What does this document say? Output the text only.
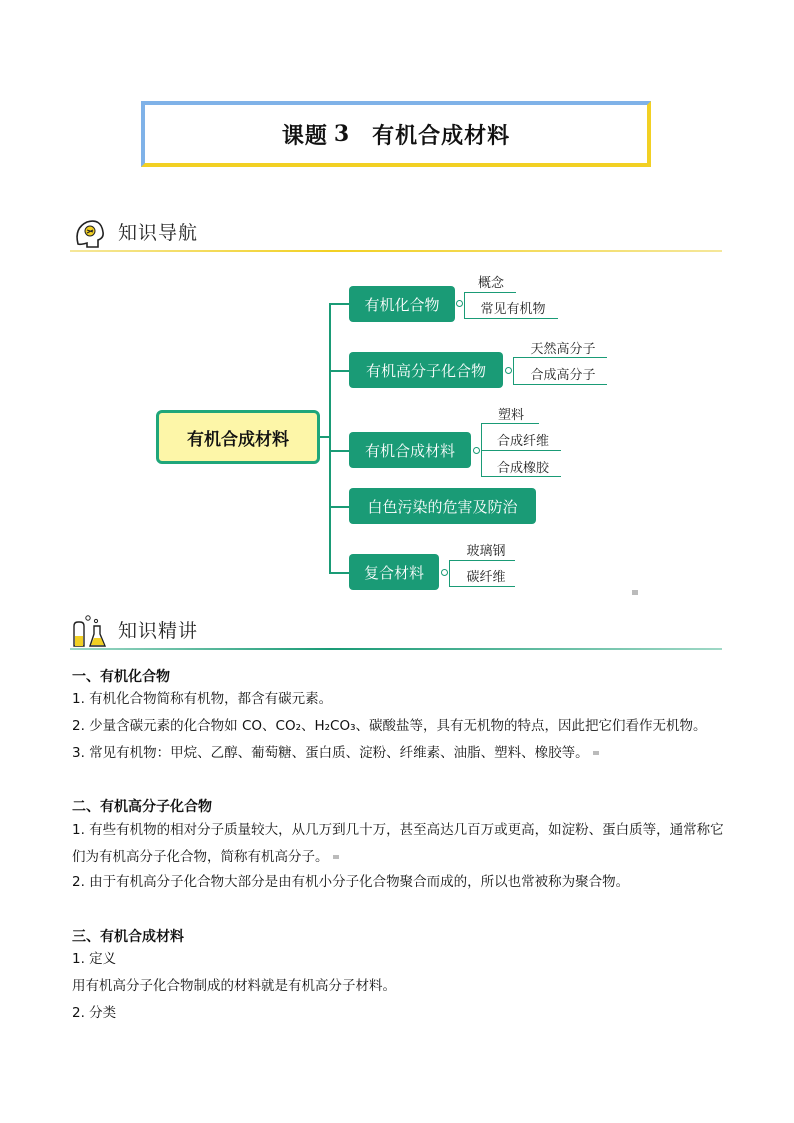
课题 3 有机合成材料
知识导航
有机合成材料
有机化合物
概念
常见有机物
有机高分子化合物
天然高分子
合成高分子
有机合成材料
塑料
合成纤维
合成橡胶
白色污染的危害及防治
复合材料
玻璃钢
碳纤维
知识精讲
一、有机化合物
1. 有机化合物简称有机物，都含有碳元素。
2. 少量含碳元素的化合物如 CO、CO₂、H₂CO₃、碳酸盐等，具有无机物的特点，因此把它们看作无机物。
3. 常见有机物：甲烷、乙醇、葡萄糖、蛋白质、淀粉、纤维素、油脂、塑料、橡胶等。
二、有机高分子化合物
1. 有些有机物的相对分子质量较大，从几万到几十万，甚至高达几百万或更高，如淀粉、蛋白质等，通常称它们为有机高分子化合物，简称有机高分子。
2. 由于有机高分子化合物大部分是由有机小分子化合物聚合而成的，所以也常被称为聚合物。
三、有机合成材料
1. 定义
用有机高分子化合物制成的材料就是有机高分子材料。
2. 分类
